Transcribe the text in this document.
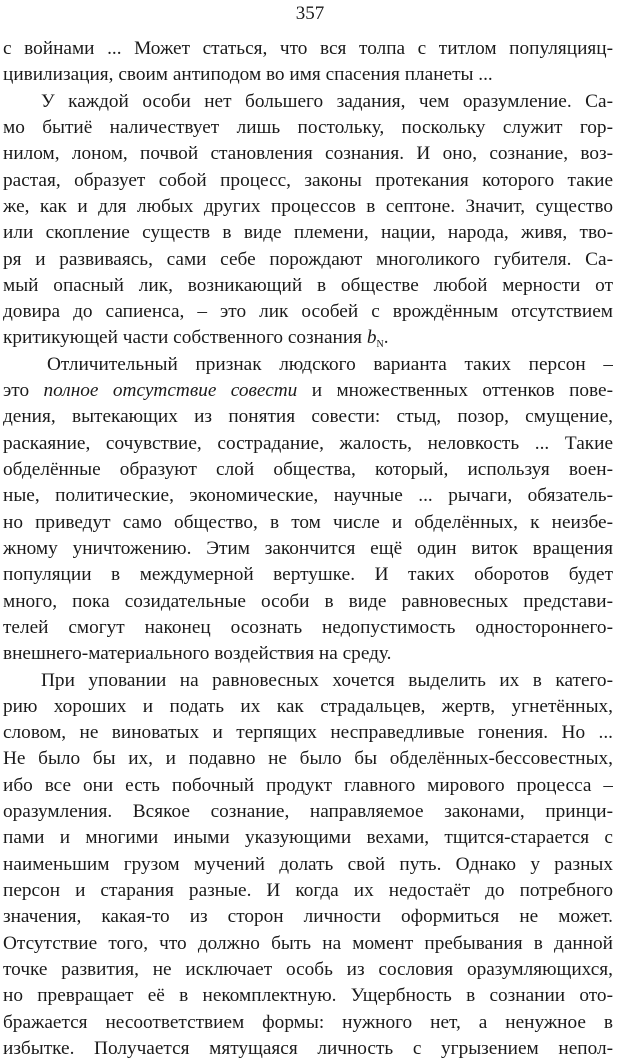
357
с войнами ... Может статься, что вся толпа с титлом популяцияц-
цивилизация, своим антиподом во имя спасения планеты ...
У каждой особи нет большего задания, чем оразумление. Са-
мо бытиё наличествует лишь постольку, поскольку служит гор-
нилом, лоном, почвой становления сознания. И оно, сознание, воз-
растая, образует собой процесс, законы протекания которого такие
же, как и для любых других процессов в септоне. Значит, существо
или скопление существ в виде племени, нации, народа, живя, тво-
ря и развиваясь, сами себе порождают многоликого губителя. Са-
мый опасный лик, возникающий в обществе любой мерности от
довира до сапиенса, – это лик особей с врождённым отсутствием
критикующей части собственного сознания $b_N$.
Отличительный признак людского варианта таких персон –
это полное отсутствие совести и множественных оттенков пове-
дения, вытекающих из понятия совести: стыд, позор, смущение,
раскаяние, сочувствие, сострадание, жалость, неловкость ... Такие
обделённые образуют слой общества, который, используя воен-
ные, политические, экономические, научные ... рычаги, обязатель-
но приведут само общество, в том числе и обделённых, к неизбе-
жному уничтожению. Этим закончится ещё один виток вращения
популяции в междумерной вертушке. И таких оборотов будет
много, пока созидательные особи в виде равновесных представи-
телей смогут наконец осознать недопустимость одностороннего-
внешнего-материального воздействия на среду.
При уповании на равновесных хочется выделить их в катего-
рию хороших и подать их как страдальцев, жертв, угнетённых,
словом, не виноватых и терпящих несправедливые гонения. Но ...
Не было бы их, и подавно не было бы обделённых-бессовестных,
ибо все они есть побочный продукт главного мирового процесса –
оразумления. Всякое сознание, направляемое законами, принци-
пами и многими иными указующими вехами, тщится-старается с
наименьшим грузом мучений долать свой путь. Однако у разных
персон и старания разные. И когда их недостаёт до потребного
значения, какая-то из сторон личности оформиться не может.
Отсутствие того, что должно быть на момент пребывания в данной
точке развития, не исключает особь из сословия оразумляющихся,
но превращает её в некомплектную. Ущербность в сознании ото-
бражается несоответствием формы: нужного нет, а ненужное в
избытке. Получается мятущаяся личность с угрызением непол-
